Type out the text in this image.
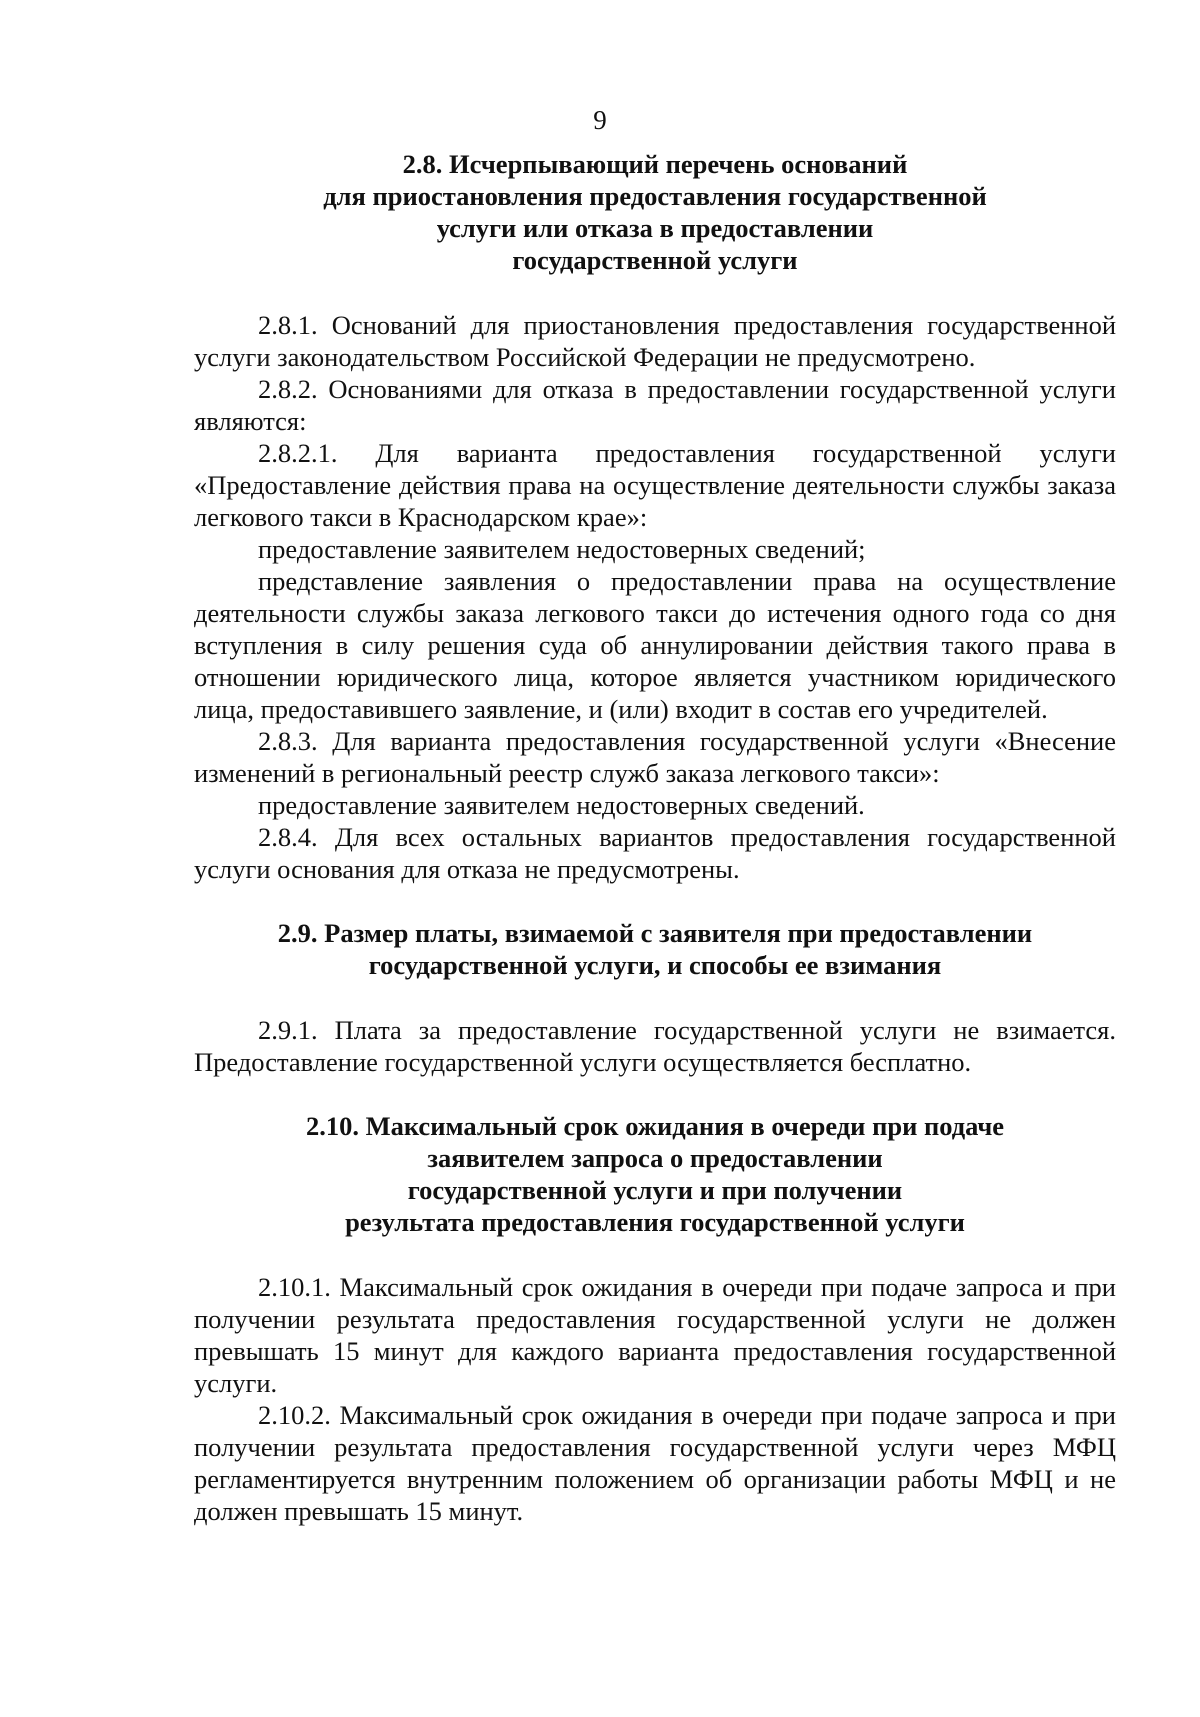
9
2.8. Исчерпывающий перечень оснований
для приостановления предоставления государственной
услуги или отказа в предоставлении
государственной услуги

2.8.1. Оснований для приостановления предоставления государственной услуги законодательством Российской Федерации не предусмотрено.

2.8.2. Основаниями для отказа в предоставлении государственной услуги являются:

2.8.2.1. Для варианта предоставления государственной услуги «Предоставление действия права на осуществление деятельности службы заказа легкового такси в Краснодарском крае»:

предоставление заявителем недостоверных сведений;

представление заявления о предоставлении права на осуществление деятельности службы заказа легкового такси до истечения одного года со дня вступления в силу решения суда об аннулировании действия такого права в отношении юридического лица, которое является участником юридического лица, предоставившего заявление, и (или) входит в состав его учредителей.

2.8.3. Для варианта предоставления государственной услуги «Внесение изменений в региональный реестр служб заказа легкового такси»:

предоставление заявителем недостоверных сведений.

2.8.4. Для всех остальных вариантов предоставления государственной услуги основания для отказа не предусмотрены.

2.9. Размер платы, взимаемой с заявителя при предоставлении
государственной услуги, и способы ее взимания

2.9.1. Плата за предоставление государственной услуги не взимается. Предоставление государственной услуги осуществляется бесплатно.

2.10. Максимальный срок ожидания в очереди при подаче
заявителем запроса о предоставлении
государственной услуги и при получении
результата предоставления государственной услуги

2.10.1. Максимальный срок ожидания в очереди при подаче запроса и при получении результата предоставления государственной услуги не должен превышать 15 минут для каждого варианта предоставления государственной услуги.

2.10.2. Максимальный срок ожидания в очереди при подаче запроса и при получении результата предоставления государственной услуги через МФЦ регламентируется внутренним положением об организации работы МФЦ и не должен превышать 15 минут.
